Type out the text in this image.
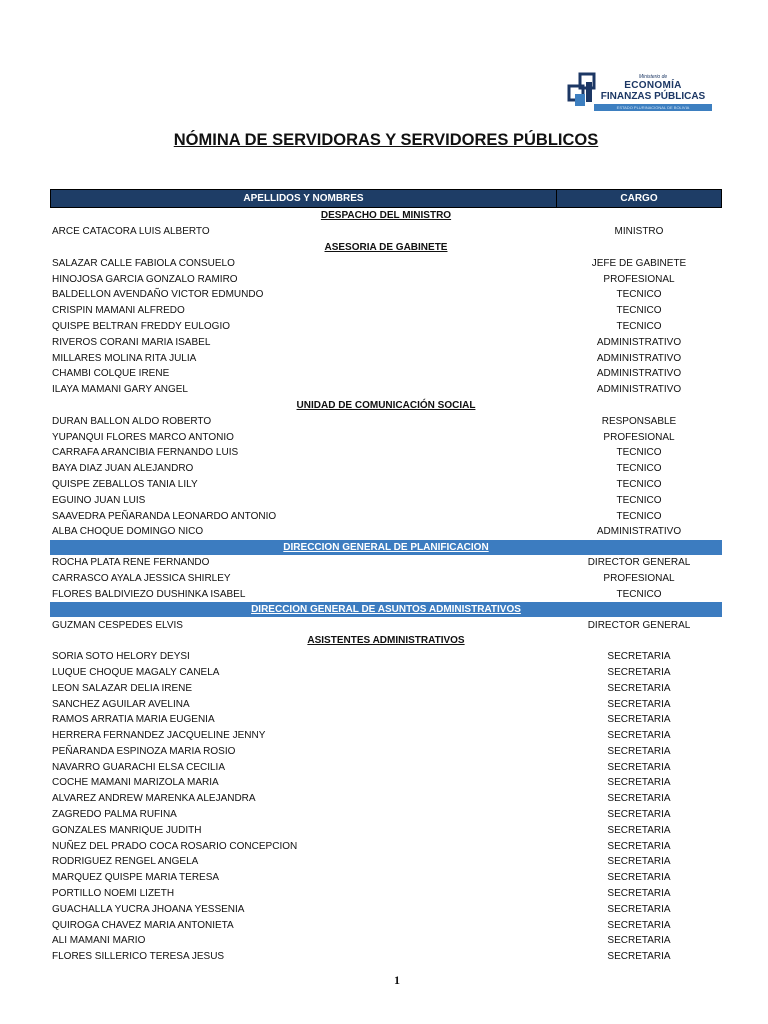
Ministerio de
ECONOMÍA
FINANZAS PÚBLICAS
ESTADO PLURINACIONAL DE BOLIVIA
NÓMINA DE SERVIDORAS Y SERVIDORES PÚBLICOS
APELLIDOS Y NOMBRES	CARGO
DESPACHO DEL MINISTRO
ARCE CATACORA LUIS ALBERTO	MINISTRO
ASESORIA DE GABINETE
SALAZAR CALLE FABIOLA CONSUELO	JEFE DE GABINETE
HINOJOSA GARCIA GONZALO RAMIRO	PROFESIONAL
BALDELLON AVENDAÑO VICTOR EDMUNDO	TECNICO
CRISPIN MAMANI ALFREDO	TECNICO
QUISPE BELTRAN FREDDY EULOGIO	TECNICO
RIVEROS CORANI MARIA ISABEL	ADMINISTRATIVO
MILLARES MOLINA RITA JULIA	ADMINISTRATIVO
CHAMBI COLQUE IRENE	ADMINISTRATIVO
ILAYA MAMANI GARY ANGEL	ADMINISTRATIVO
UNIDAD DE COMUNICACIÓN SOCIAL
DURAN BALLON ALDO ROBERTO	RESPONSABLE
YUPANQUI FLORES MARCO ANTONIO	PROFESIONAL
CARRAFA ARANCIBIA FERNANDO LUIS	TECNICO
BAYA DIAZ JUAN ALEJANDRO	TECNICO
QUISPE ZEBALLOS TANIA LILY	TECNICO
EGUINO JUAN LUIS	TECNICO
SAAVEDRA PEÑARANDA LEONARDO ANTONIO	TECNICO
ALBA CHOQUE DOMINGO NICO	ADMINISTRATIVO
DIRECCION GENERAL DE PLANIFICACION
ROCHA PLATA RENE FERNANDO	DIRECTOR GENERAL
CARRASCO AYALA JESSICA SHIRLEY	PROFESIONAL
FLORES BALDIVIEZO DUSHINKA ISABEL	TECNICO
DIRECCION GENERAL DE ASUNTOS ADMINISTRATIVOS
GUZMAN CESPEDES ELVIS	DIRECTOR GENERAL
ASISTENTES ADMINISTRATIVOS
SORIA SOTO HELORY DEYSI	SECRETARIA
LUQUE CHOQUE MAGALY CANELA	SECRETARIA
LEON SALAZAR DELIA IRENE	SECRETARIA
SANCHEZ AGUILAR AVELINA	SECRETARIA
RAMOS ARRATIA MARIA EUGENIA	SECRETARIA
HERRERA FERNANDEZ JACQUELINE JENNY	SECRETARIA
PEÑARANDA ESPINOZA MARIA ROSIO	SECRETARIA
NAVARRO GUARACHI ELSA CECILIA	SECRETARIA
COCHE MAMANI MARIZOLA MARIA	SECRETARIA
ALVAREZ ANDREW MARENKA ALEJANDRA	SECRETARIA
ZAGREDO PALMA RUFINA	SECRETARIA
GONZALES MANRIQUE JUDITH	SECRETARIA
NUÑEZ DEL PRADO COCA ROSARIO CONCEPCION	SECRETARIA
RODRIGUEZ RENGEL ANGELA	SECRETARIA
MARQUEZ QUISPE MARIA TERESA	SECRETARIA
PORTILLO NOEMI LIZETH	SECRETARIA
GUACHALLA YUCRA JHOANA YESSENIA	SECRETARIA
QUIROGA CHAVEZ MARIA ANTONIETA	SECRETARIA
ALI MAMANI MARIO	SECRETARIA
FLORES SILLERICO TERESA JESUS	SECRETARIA
1
